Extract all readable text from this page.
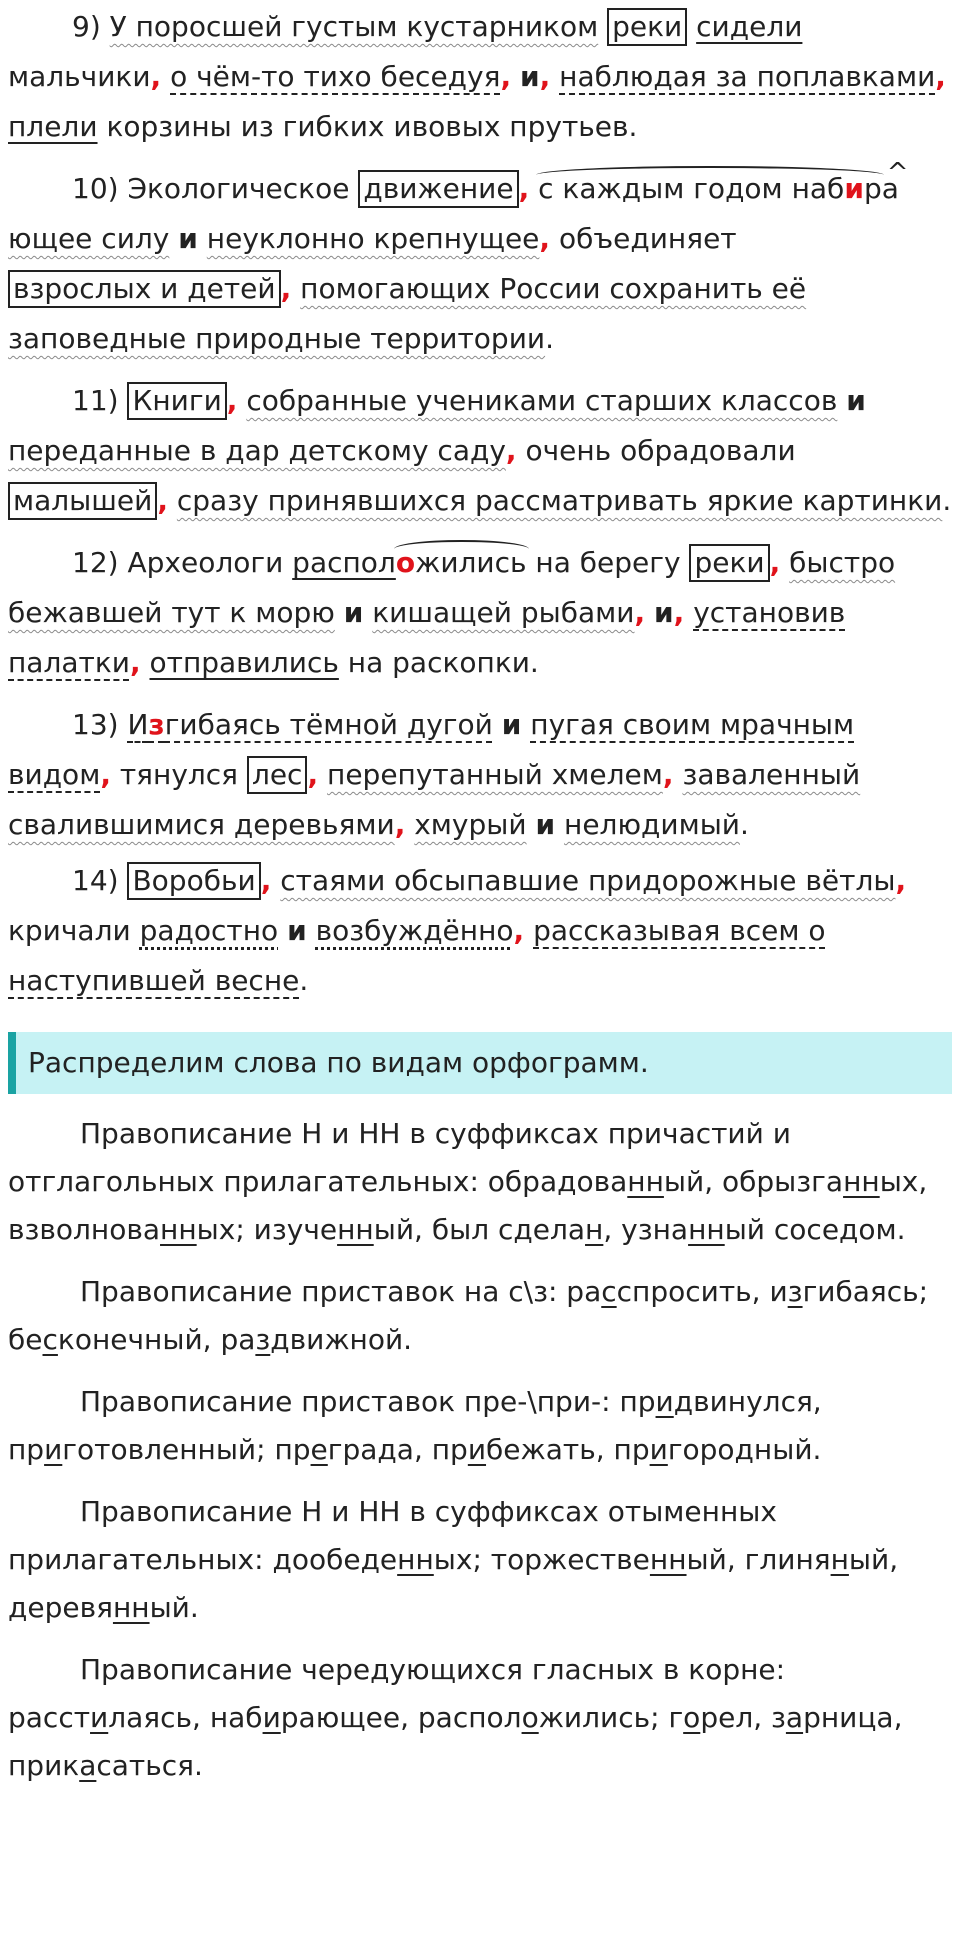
9) У поросшей густым кустарником реки сидели мальчики, о чём-то тихо беседуя, и, наблюдая за поплавками, плели корзины из гибких ивовых прутьев.
10) Экологическое движение , с каждым годом набира ^ющее силу и неуклонно крепнущее, объединяет взрослых и детей , помогающих России сохранить её заповедные природные территории.
11) Книги , собранные учениками старших классов и переданные в дар детскому саду, очень обрадовали малышей , сразу принявшихся рассматривать яркие картинки.
12) Археологи расположились на берегу реки , быстро бежавшей тут к морю и кишащей рыбами, и, установив палатки, отправились на раскопки.
13) Изгибаясь тёмной дугой и пугая своим мрачным видом, тянулся лес , перепутанный хмелем, заваленный свалившимися деревьями, хмурый и нелюдимый.
14) Воробьи , стаями обсыпавшие придорожные вётлы, кричали радостно и возбуждённо, рассказывая всем о наступившей весне.
Распределим слова по видам орфограмм.

Правописание Н и НН в суффиксах причастий и отглагольных прилагательных: обрадованный, обрызганных, взволнованных; изученный, был сделан, узнанный соседом.

Правописание приставок на с\з: расспросить, изгибаясь; бесконечный, раздвижной.

Правописание приставок пре-\при-: придвинулся, приготовленный; преграда, прибежать, пригородный.

Правописание Н и НН в суффиксах отыменных прилагательных: дообеденных; торжественный, глиняный, деревянный.

Правописание чередующихся гласных в корне: расстилаясь, набирающее, расположились; горел, зарница, прикасаться.
